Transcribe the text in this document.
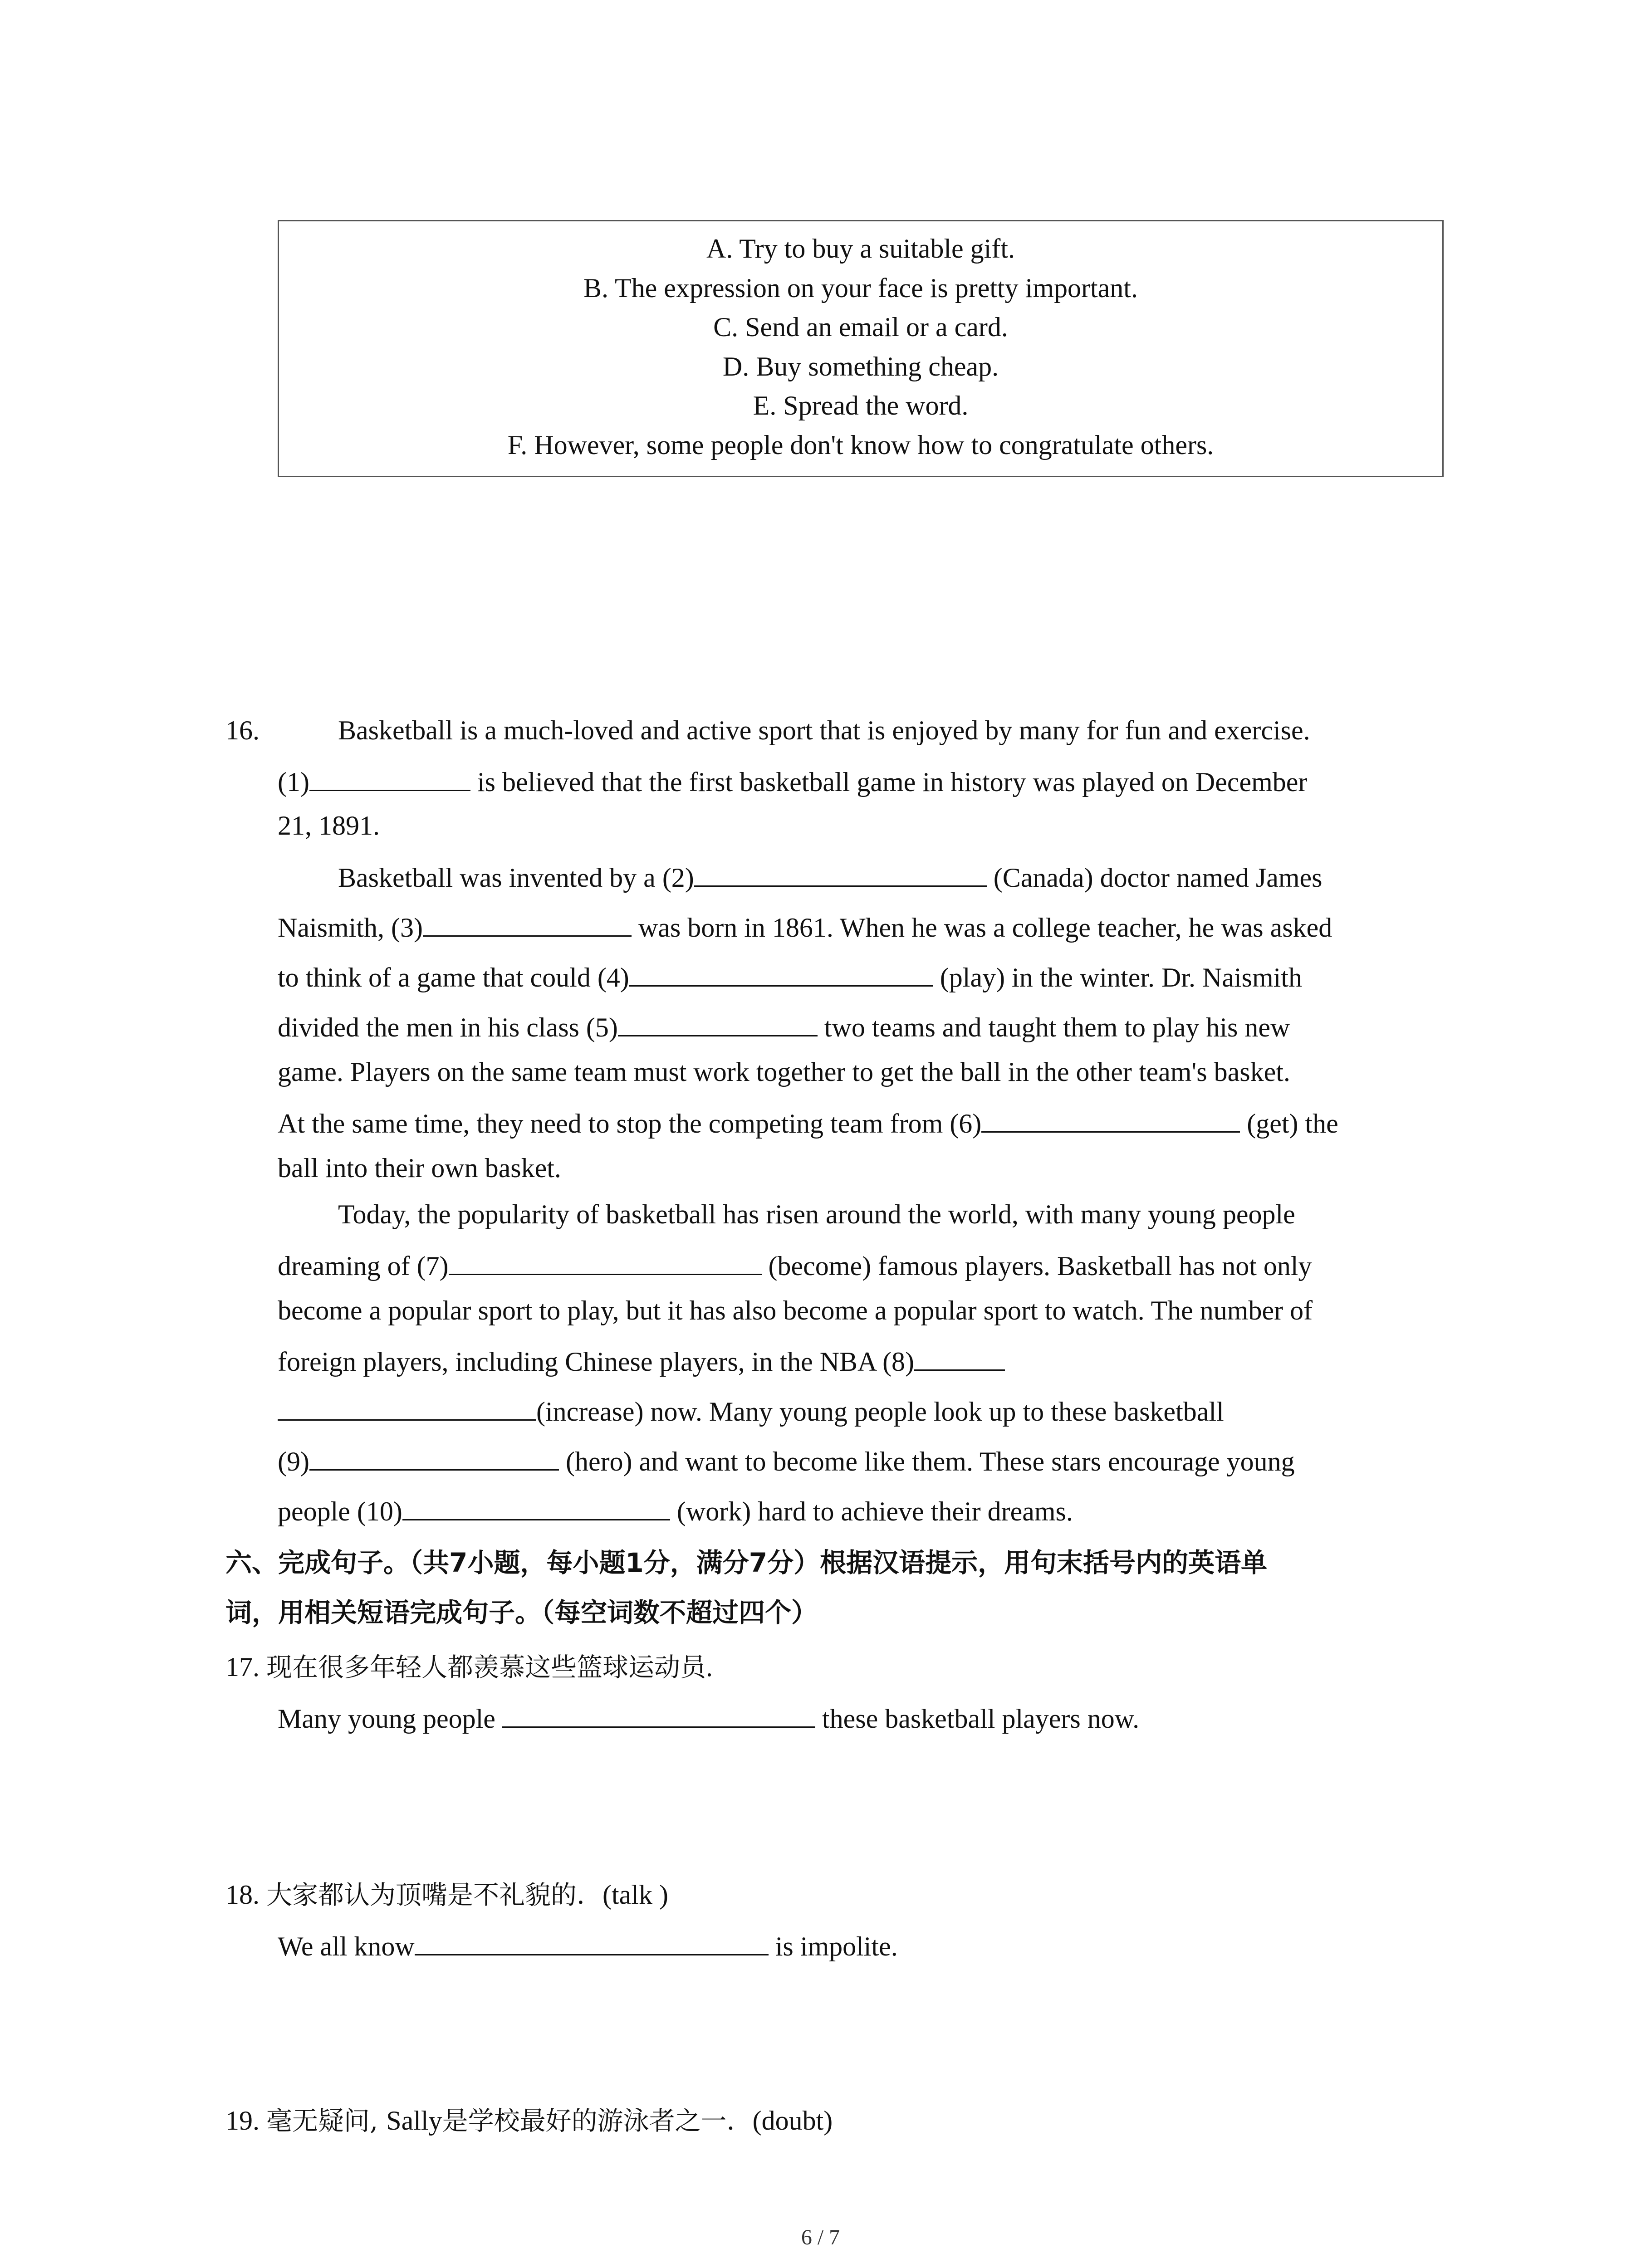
A. Try to buy a suitable gift.
B. The expression on your face is pretty important.
C. Send an email or a card.
D. Buy something cheap.
E. Spread the word.
F. However, some people don't know how to congratulate others.
16.	Basketball is a much-loved and active sport that is enjoyed by many for fun and exercise.
(1)	is believed that the first basketball game in history was played on December
21, 1891.
Basketball was invented by a (2)	(Canada) doctor named James
Naismith, (3)	was born in 1861. When he was a college teacher, he was asked
to think of a game that could (4)	(play) in the winter. Dr. Naismith
divided the men in his class (5)	two teams and taught them to play his new
game. Players on the same team must work together to get the ball in the other team's basket.
At the same time, they need to stop the competing team from (6)	(get) the
ball into their own basket.
Today, the popularity of basketball has risen around the world, with many young people
dreaming of (7)	(become) famous players. Basketball has not only
become a popular sport to play, but it has also become a popular sport to watch. The number of
foreign players, including Chinese players, in the NBA (8)
(increase) now. Many young people look up to these basketball
(9)	(hero) and want to become like them. These stars encourage young
people (10)	(work) hard to achieve their dreams.
六、完成句子。（共7小题，每小题1分，满分7分）根据汉语提示，用句末括号内的英语单
词，用相关短语完成句子。（每空词数不超过四个）
17. 现在很多年轻人都羡慕这些篮球运动员.
Many young people	these basketball players now.
18. 大家都认为顶嘴是不礼貌的．(talk )
We all know	is impolite.
19. 毫无疑问, Sally是学校最好的游泳者之一．(doubt)
6 / 7
